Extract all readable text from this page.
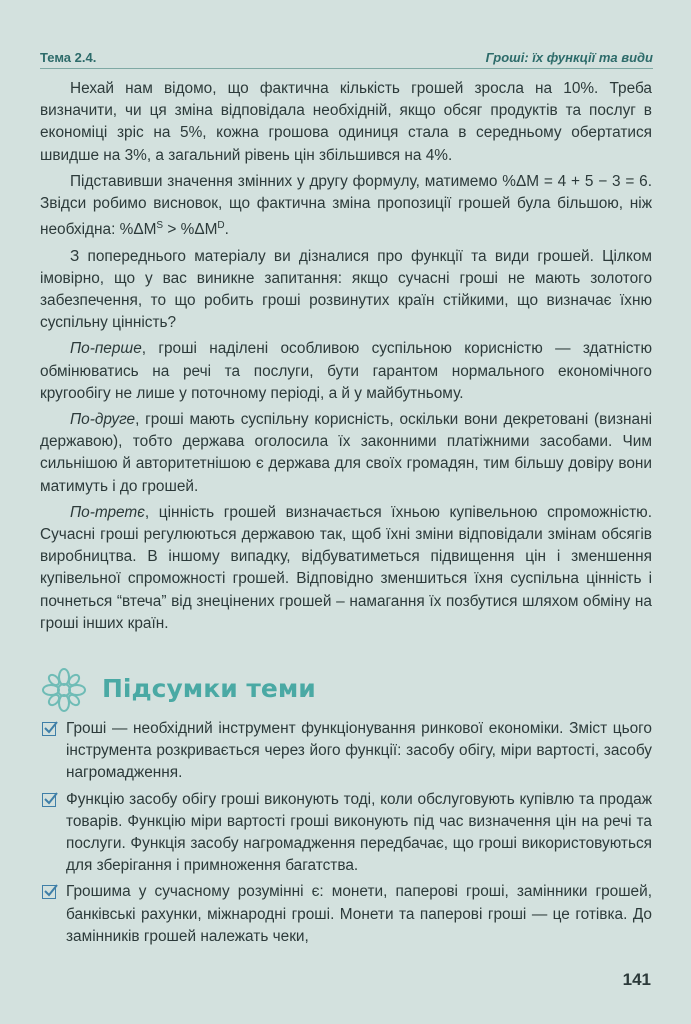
Тема 2.4.	Гроші: їх функції та види

Нехай нам відомо, що фактична кількість грошей зросла на 10%. Треба визначити, чи ця зміна відповідала необхідній, якщо обсяг продуктів та послуг в економіці зріс на 5%, кожна грошова одиниця стала в середньому обертатися швидше на 3%, а загальний рівень цін збільшився на 4%.

Підставивши значення змінних у другу формулу, матимемо %ΔM = 4 + 5 − 3 = 6. Звідси робимо висновок, що фактична зміна пропозиції грошей була більшою, ніж необхідна: $\%\Delta M^S > \%\Delta M^D$.

З попереднього матеріалу ви дізналися про функції та види грошей. Цілком імовірно, що у вас виникне запитання: якщо сучасні гроші не мають золотого забезпечення, то що робить гроші розвинутих країн стійкими, що визначає їхню суспільну цінність?

По-перше, гроші наділені особливою суспільною корисністю — здатністю обмінюватись на речі та послуги, бути гарантом нормального економічного кругообігу не лише у поточному періоді, а й у майбутньому.

По-друге, гроші мають суспільну корисність, оскільки вони декретовані (визнані державою), тобто держава оголосила їх законними платіжними засобами. Чим сильнішою й авторитетнішою є держава для своїх громадян, тим більшу довіру вони матимуть і до грошей.

По-третє, цінність грошей визначається їхньою купівельною спроможністю. Сучасні гроші регулюються державою так, щоб їхні зміни відповідали змінам обсягів виробництва. В іншому випадку, відбуватиметься підвищення цін і зменшення купівельної спроможності грошей. Відповідно зменшиться їхня суспільна цінність і почнеться “втеча” від знецінених грошей – намагання їх позбутися шляхом обміну на гроші інших країн.

Підсумки теми
Гроші — необхідний інструмент функціонування ринкової економіки. Зміст цього інструмента розкривається через його функції: засобу обігу, міри вартості, засобу нагромадження.
Функцію засобу обігу гроші виконують тоді, коли обслуговують купівлю та продаж товарів. Функцію міри вартості гроші виконують під час визначення цін на речі та послуги. Функція засобу нагромадження передбачає, що гроші використовуються для зберігання і примноження багатства.
Грошима у сучасному розумінні є: монети, паперові гроші, замінники грошей, банківські рахунки, міжнародні гроші. Монети та паперові гроші — це готівка. До замінників грошей належать чеки,
141
